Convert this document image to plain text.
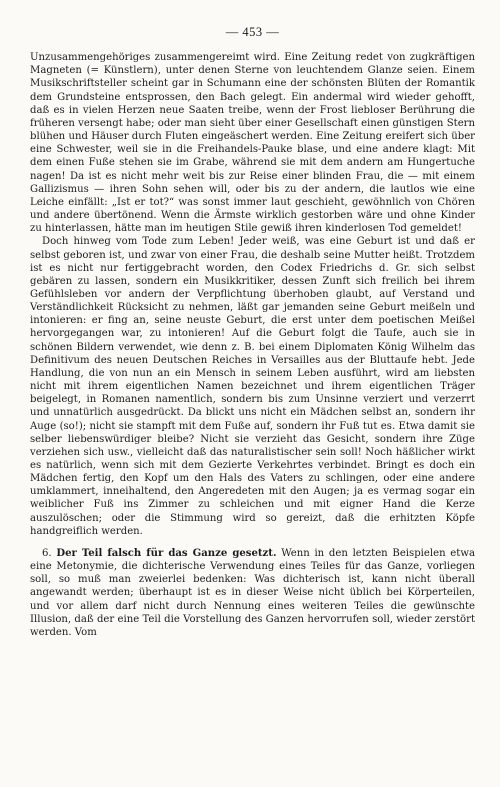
— 453 —

Unzusammengehöriges zusammengereimt wird. Eine Zeitung redet von zugkräftigen Magneten (= Künstlern), unter denen Sterne von leuchtendem Glanze seien. Einem Musikschriftsteller scheint gar in Schumann eine der schönsten Blüten der Romantik dem Grundsteine entsprossen, den Bach gelegt. Ein andermal wird wieder gehofft, daß es in vielen Herzen neue Saaten treibe, wenn der Frost liebloser Berührung die früheren versengt habe; oder man sieht über einer Gesellschaft einen günstigen Stern blühen und Häuser durch Fluten eingeäschert werden. Eine Zeitung ereifert sich über eine Schwester, weil sie in die Freihandels-Pauke blase, und eine andere klagt: Mit dem einen Fuße stehen sie im Grabe, während sie mit dem andern am Hungertuche nagen! Da ist es nicht mehr weit bis zur Reise einer blinden Frau, die — mit einem Gallizismus — ihren Sohn sehen will, oder bis zu der andern, die lautlos wie eine Leiche einfällt: „Ist er tot?“ was sonst immer laut geschieht, gewöhnlich von Chören und andere übertönend. Wenn die Ärmste wirklich gestorben wäre und ohne Kinder zu hinterlassen, hätte man im heutigen Stile gewiß ihren kinderlosen Tod gemeldet!

Doch hinweg vom Tode zum Leben! Jeder weiß, was eine Geburt ist und daß er selbst geboren ist, und zwar von einer Frau, die deshalb seine Mutter heißt. Trotzdem ist es nicht nur fertiggebracht worden, den Codex Friedrichs d. Gr. sich selbst gebären zu lassen, sondern ein Musikkritiker, dessen Zunft sich freilich bei ihrem Gefühlsleben vor andern der Verpflichtung überhoben glaubt, auf Verstand und Verständlichkeit Rücksicht zu nehmen, läßt gar jemanden seine Geburt meißeln und intonieren: er fing an, seine neuste Geburt, die erst unter dem poetischen Meißel hervorgegangen war, zu intonieren! Auf die Geburt folgt die Taufe, auch sie in schönen Bildern verwendet, wie denn z. B. bei einem Diplomaten König Wilhelm das Definitivum des neuen Deutschen Reiches in Versailles aus der Bluttaufe hebt. Jede Handlung, die von nun an ein Mensch in seinem Leben ausführt, wird am liebsten nicht mit ihrem eigentlichen Namen bezeichnet und ihrem eigentlichen Träger beigelegt, in Romanen namentlich, sondern bis zum Unsinne verziert und verzerrt und unnatürlich ausgedrückt. Da blickt uns nicht ein Mädchen selbst an, sondern ihr Auge (so!); nicht sie stampft mit dem Fuße auf, sondern ihr Fuß tut es. Etwa damit sie selber liebenswürdiger bleibe? Nicht sie verzieht das Gesicht, sondern ihre Züge verziehen sich usw., vielleicht daß das naturalistischer sein soll! Noch häßlicher wirkt es natürlich, wenn sich mit dem Gezierte Verkehrtes verbindet. Bringt es doch ein Mädchen fertig, den Kopf um den Hals des Vaters zu schlingen, oder eine andere umklammert, inneihaltend, den Angeredeten mit den Augen; ja es vermag sogar ein weiblicher Fuß ins Zimmer zu schleichen und mit eigner Hand die Kerze auszulöschen; oder die Stimmung wird so gereizt, daß die erhitzten Köpfe handgreiflich werden.

6. Der Teil falsch für das Ganze gesetzt. Wenn in den letzten Beispielen etwa eine Metonymie, die dichterische Verwendung eines Teiles für das Ganze, vorliegen soll, so muß man zweierlei bedenken: Was dichterisch ist, kann nicht überall angewandt werden; überhaupt ist es in dieser Weise nicht üblich bei Körperteilen, und vor allem darf nicht durch Nennung eines weiteren Teiles die gewünschte Illusion, daß der eine Teil die Vorstellung des Ganzen hervorrufen soll, wieder zerstört werden. Vom
